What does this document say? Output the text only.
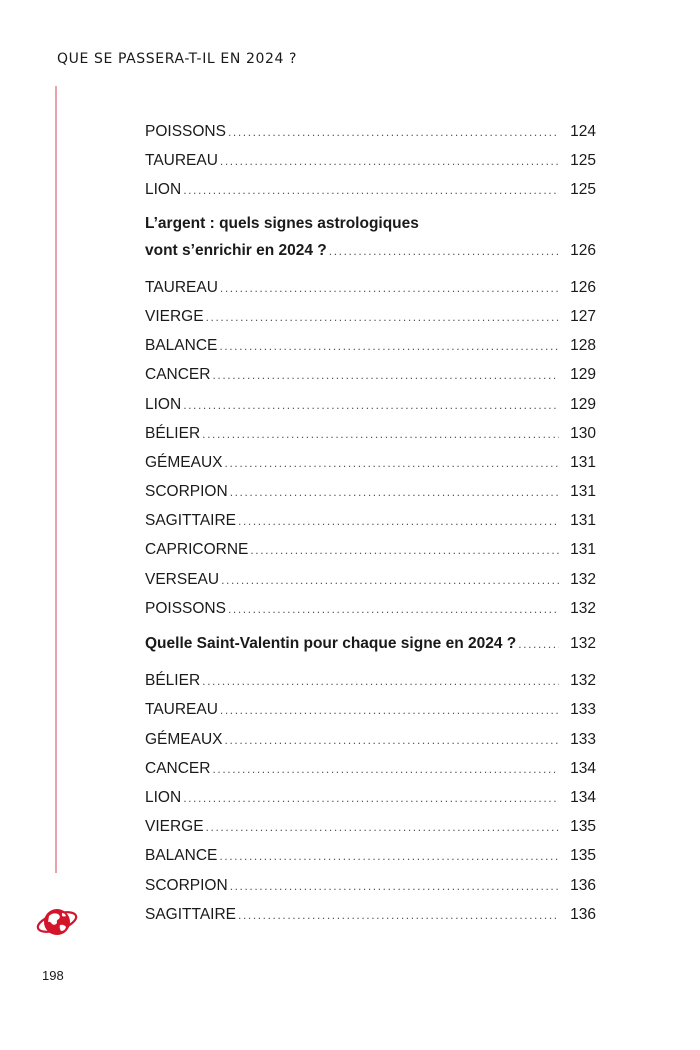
QUE SE PASSERA-T-IL EN 2024 ?
POISSONS .....	124
TAUREAU .....	125
LION .....	125
L’argent : quels signes astrologiques
vont s’enrichir en 2024 ? .....	126
TAUREAU .....	126
VIERGE .....	127
BALANCE .....	128
CANCER .....	129
LION .....	129
BÉLIER .....	130
GÉMEAUX .....	131
SCORPION .....	131
SAGITTAIRE .....	131
CAPRICORNE .....	131
VERSEAU .....	132
POISSONS .....	132
Quelle Saint-Valentin pour chaque signe en 2024 ? .....	132
BÉLIER .....	132
TAUREAU .....	133
GÉMEAUX .....	133
CANCER .....	134
LION .....	134
VIERGE .....	135
BALANCE .....	135
SCORPION .....	136
SAGITTAIRE .....	136
198
